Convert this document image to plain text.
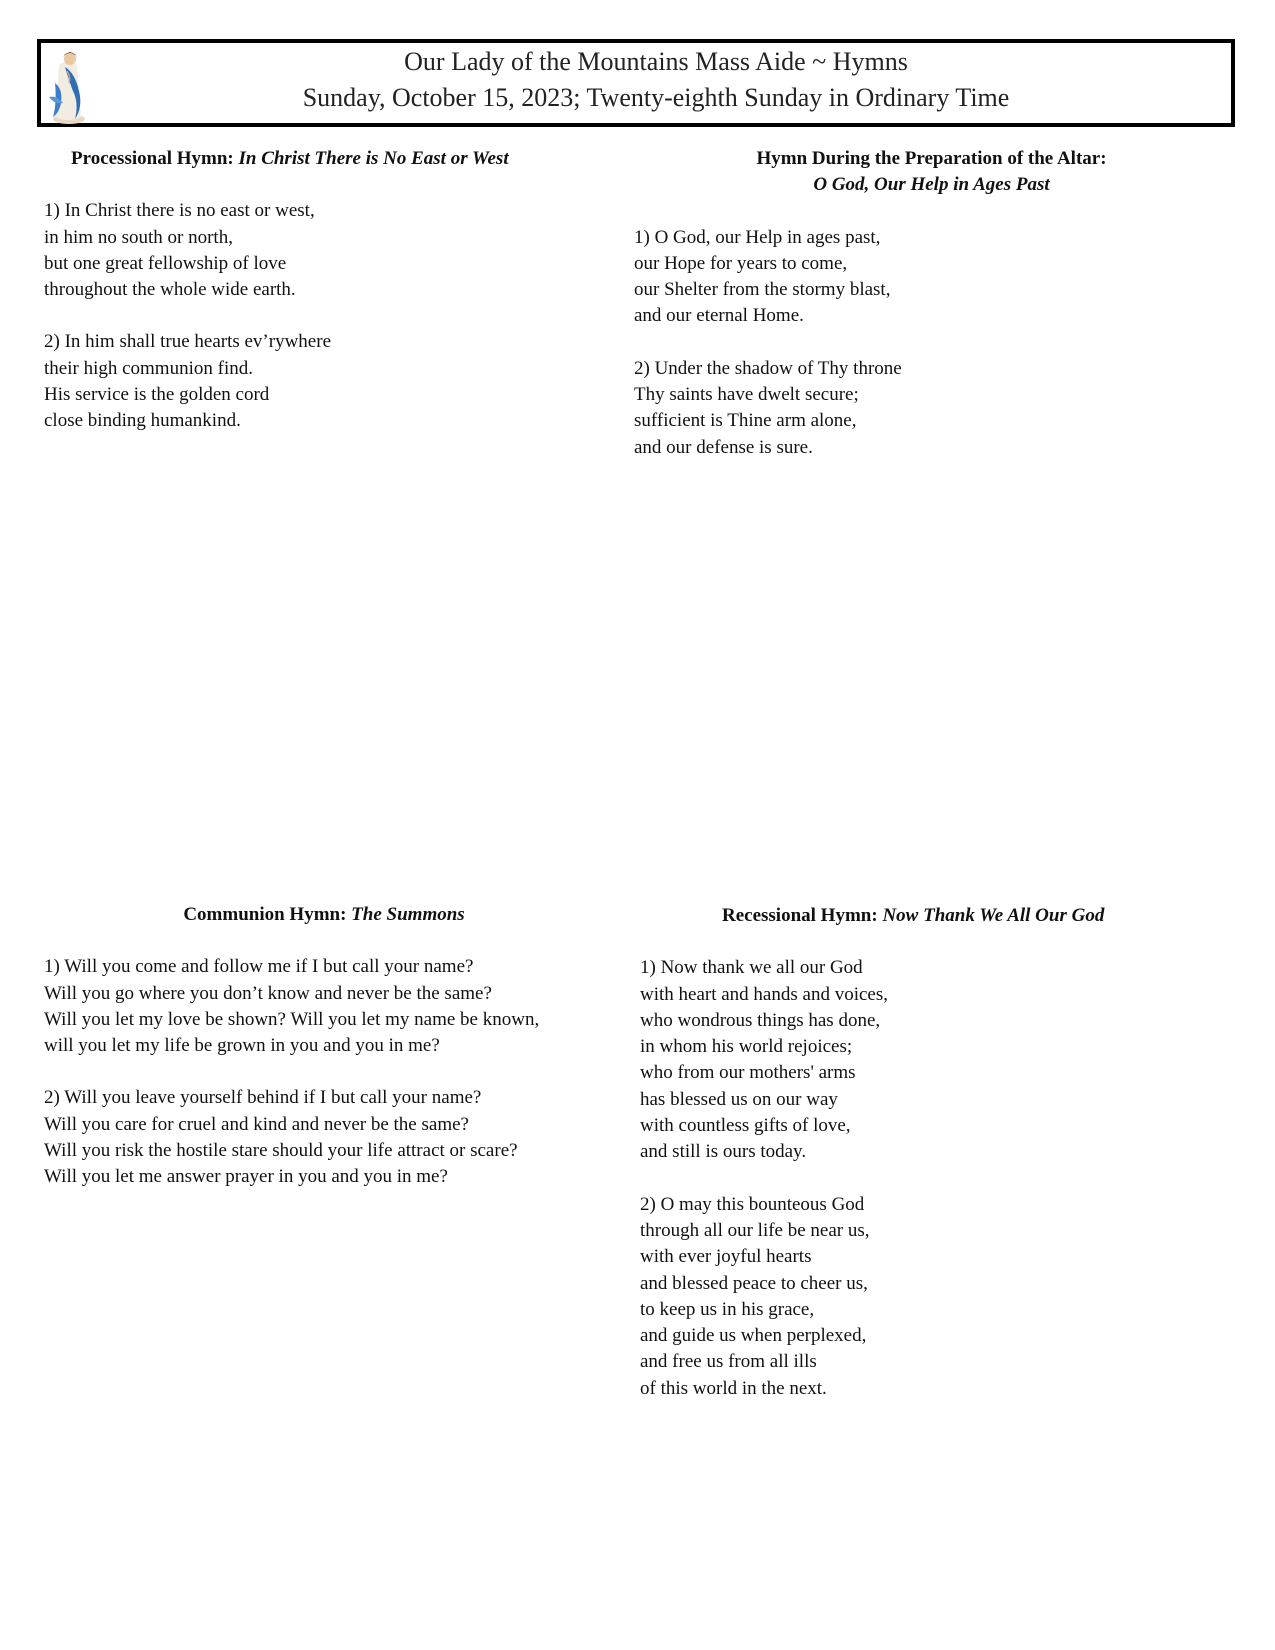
Our Lady of the Mountains Mass Aide ~ Hymns
Sunday, October 15, 2023; Twenty-eighth Sunday in Ordinary Time
Processional Hymn: In Christ There is No East or West
1) In Christ there is no east or west,
in him no south or north,
but one great fellowship of love
throughout the whole wide earth.
2) In him shall true hearts ev’rywhere
their high communion find.
His service is the golden cord
close binding humankind.
Hymn During the Preparation of the Altar:
O God, Our Help in Ages Past
1) O God, our Help in ages past,
our Hope for years to come,
our Shelter from the stormy blast,
and our eternal Home.
2) Under the shadow of Thy throne
Thy saints have dwelt secure;
sufficient is Thine arm alone,
and our defense is sure.
Communion Hymn: The Summons
1) Will you come and follow me if I but call your name?
Will you go where you don’t know and never be the same?
Will you let my love be shown? Will you let my name be known,
will you let my life be grown in you and you in me?
2) Will you leave yourself behind if I but call your name?
Will you care for cruel and kind and never be the same?
Will you risk the hostile stare should your life attract or scare?
Will you let me answer prayer in you and you in me?
Recessional Hymn: Now Thank We All Our God
1) Now thank we all our God
with heart and hands and voices,
who wondrous things has done,
in whom his world rejoices;
who from our mothers' arms
has blessed us on our way
with countless gifts of love,
and still is ours today.
2) O may this bounteous God
through all our life be near us,
with ever joyful hearts
and blessed peace to cheer us,
to keep us in his grace,
and guide us when perplexed,
and free us from all ills
of this world in the next.
